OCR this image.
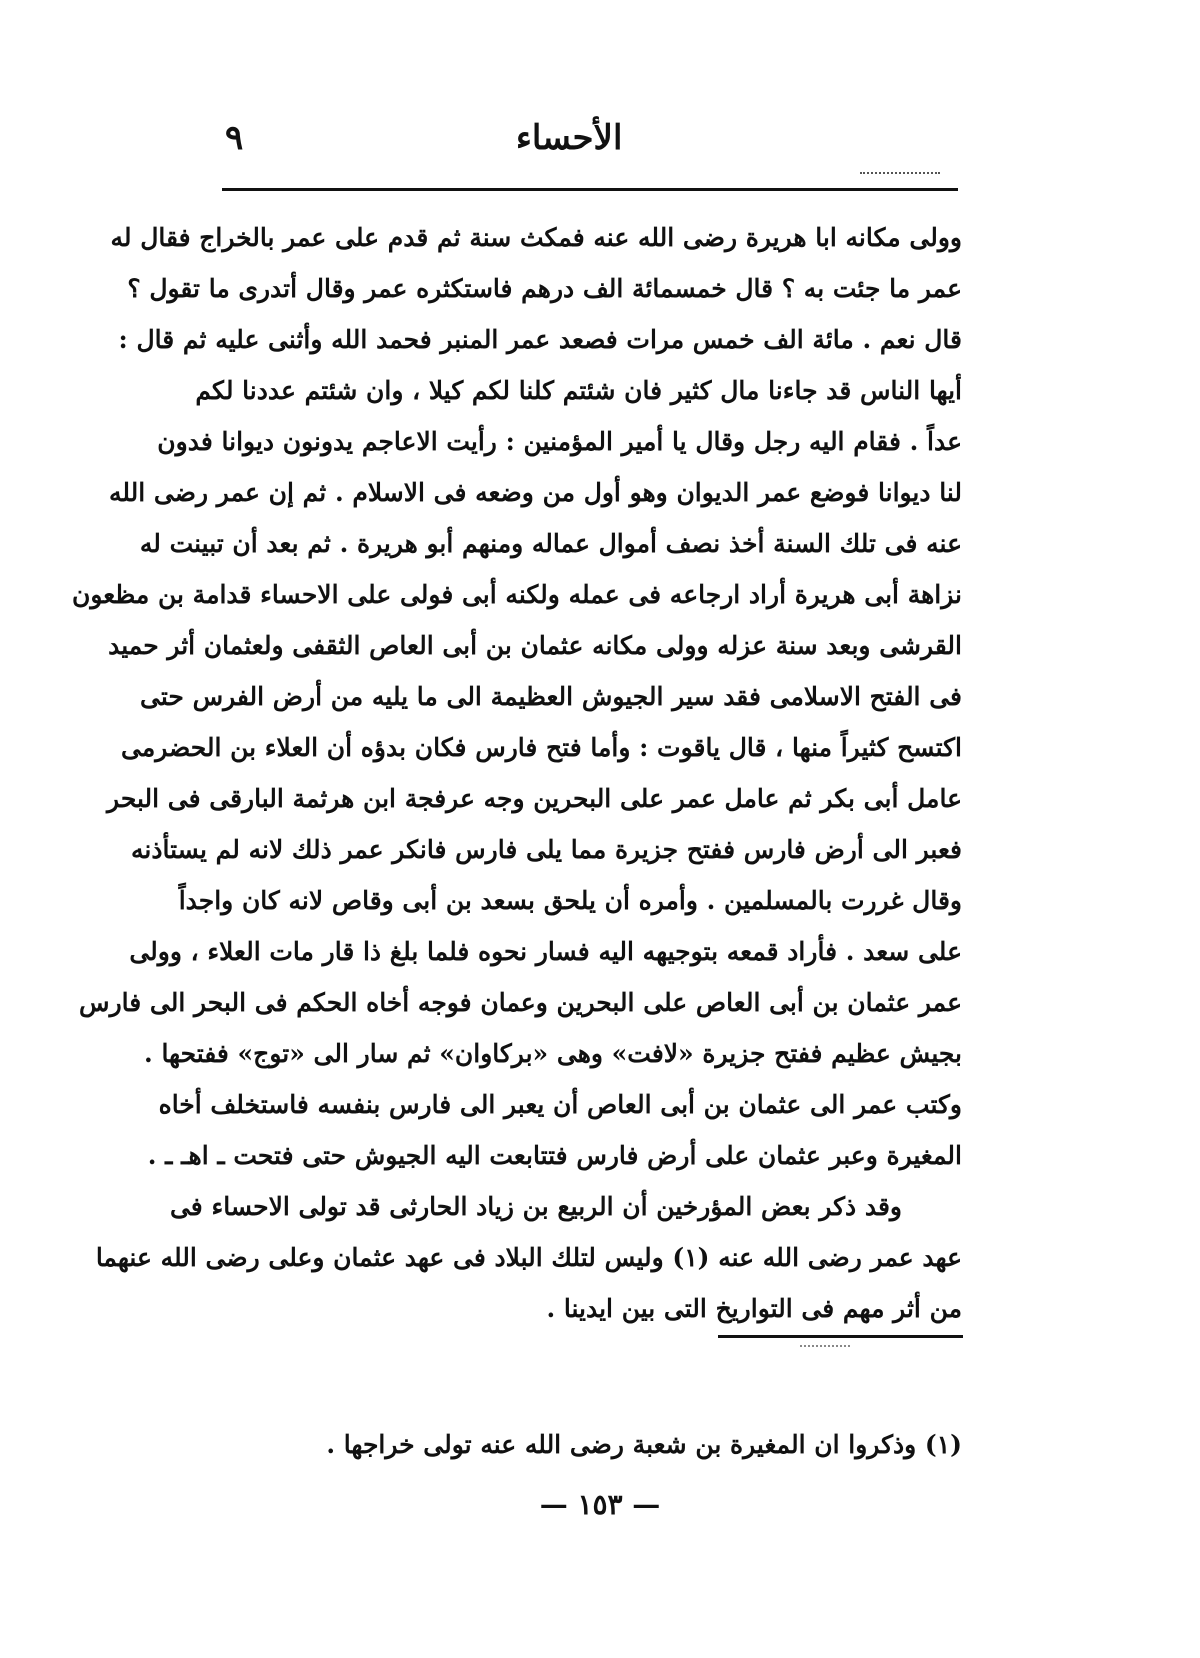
الأحساء
٩
وولى مكانه ابا هريرة رضى الله عنه فمكث سنة ثم قدم على عمر بالخراج فقال له
عمر ما جئت به ؟ قال خمسمائة الف درهم فاستكثره عمر وقال أتدرى ما تقول ؟
قال نعم . مائة الف خمس مرات فصعد عمر المنبر فحمد الله وأثنى عليه ثم قال :
أيها الناس قد جاءنا مال كثير فان شئتم كلنا لكم كيلا ، وان شئتم عددنا لكم
عداً . فقام اليه رجل وقال يا أمير المؤمنين : رأيت الاعاجم يدونون ديوانا فدون
لنا ديوانا فوضع عمر الديوان وهو أول من وضعه فى الاسلام . ثم إن عمر رضى الله
عنه فى تلك السنة أخذ نصف أموال عماله ومنهم أبو هريرة . ثم بعد أن تبينت له
نزاهة أبى هريرة أراد ارجاعه فى عمله ولكنه أبى فولى على الاحساء قدامة بن مظعون
القرشى وبعد سنة عزله وولى مكانه عثمان بن أبى العاص الثقفى ولعثمان أثر حميد
فى الفتح الاسلامى فقد سير الجيوش العظيمة الى ما يليه من أرض الفرس حتى
اكتسح كثيراً منها ، قال ياقوت : وأما فتح فارس فكان بدؤه أن العلاء بن الحضرمى
عامل أبى بكر ثم عامل عمر على البحرين وجه عرفجة ابن هرثمة البارقى فى البحر
فعبر الى أرض فارس ففتح جزيرة مما يلى فارس فانكر عمر ذلك لانه لم يستأذنه
وقال غررت بالمسلمين . وأمره أن يلحق بسعد بن أبى وقاص لانه كان واجداً
على سعد . فأراد قمعه بتوجيهه اليه فسار نحوه فلما بلغ ذا قار مات العلاء ، وولى
عمر عثمان بن أبى العاص على البحرين وعمان فوجه أخاه الحكم فى البحر الى فارس
بجيش عظيم ففتح جزيرة «لافت» وهى «بركاوان» ثم سار الى «توج» ففتحها .
وكتب عمر الى عثمان بن أبى العاص أن يعبر الى فارس بنفسه فاستخلف أخاه
المغيرة وعبر عثمان على أرض فارس فتتابعت اليه الجيوش حتى فتحت ـ اهـ ـ .
وقد ذكر بعض المؤرخين أن الربيع بن زياد الحارثى قد تولى الاحساء فى
عهد عمر رضى الله عنه (١) وليس لتلك البلاد فى عهد عثمان وعلى رضى الله عنهما
من أثر مهم فى التواريخ التى بين ايدينا .
(١) وذكروا ان المغيرة بن شعبة رضى الله عنه تولى خراجها .
— ١٥٣ —
